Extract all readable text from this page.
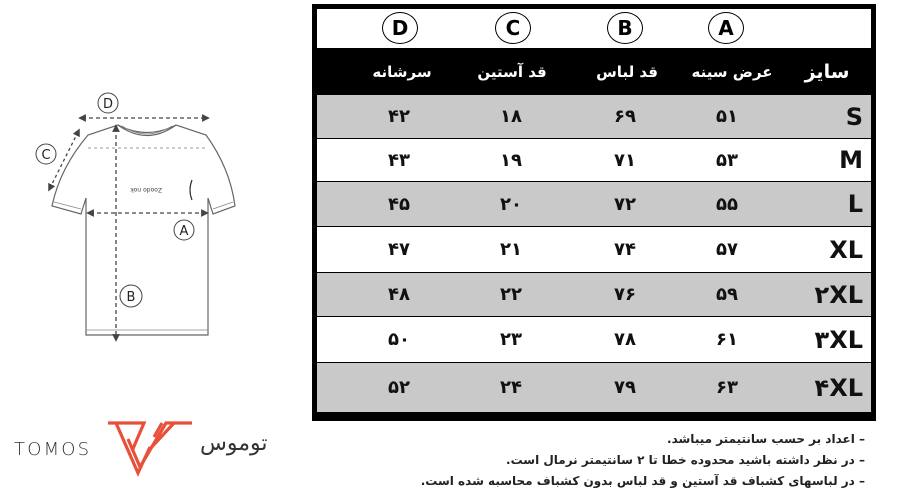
Zoodo nok
D
C
A
B
TOMOS	توموس
D	C	B	A
سرشانه	قد آستین	قد لباس	عرض سینه	سایز
۴۲	۱۸	۶۹	۵۱	S
۴۳	۱۹	۷۱	۵۳	M
۴۵	۲۰	۷۲	۵۵	L
۴۷	۲۱	۷۴	۵۷	XL
۴۸	۲۲	۷۶	۵۹	۲XL
۵۰	۲۳	۷۸	۶۱	۳XL
۵۲	۲۴	۷۹	۶۳	۴XL
– اعداد بر حسب سانتیمتر میباشد.
– در نظر داشته باشید محدوده خطا تا ۲ سانتیمتر نرمال است.
– در لباسهای کشباف قد آستین و قد لباس بدون کشباف محاسبه شده است.
